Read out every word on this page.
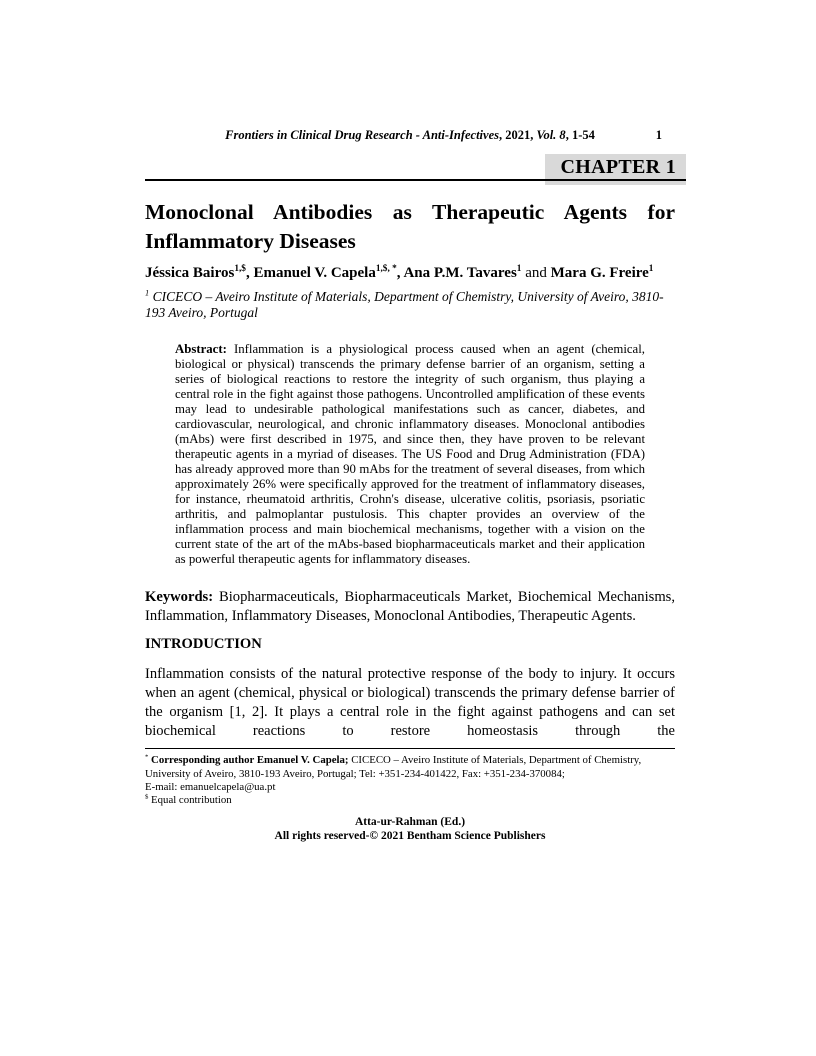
Frontiers in Clinical Drug Research - Anti-Infectives, 2021, Vol. 8, 1-54	1
CHAPTER 1
Monoclonal Antibodies as Therapeutic Agents for Inflammatory Diseases
Jéssica Bairos$^{1,\$}$, Emanuel V. Capela$^{1,\$, *}$, Ana P.M. Tavares$^1$ and Mara G. Freire$^1$
$^1$ CICECO – Aveiro Institute of Materials, Department of Chemistry, University of Aveiro, 3810-193 Aveiro, Portugal
Abstract: Inflammation is a physiological process caused when an agent (chemical, biological or physical) transcends the primary defense barrier of an organism, setting a series of biological reactions to restore the integrity of such organism, thus playing a central role in the fight against those pathogens. Uncontrolled amplification of these events may lead to undesirable pathological manifestations such as cancer, diabetes, and cardiovascular, neurological, and chronic inflammatory diseases. Monoclonal antibodies (mAbs) were first described in 1975, and since then, they have proven to be relevant therapeutic agents in a myriad of diseases. The US Food and Drug Administration (FDA) has already approved more than 90 mAbs for the treatment of several diseases, from which approximately 26% were specifically approved for the treatment of inflammatory diseases, for instance, rheumatoid arthritis, Crohn's disease, ulcerative colitis, psoriasis, psoriatic arthritis, and palmoplantar pustulosis. This chapter provides an overview of the inflammation process and main biochemical mechanisms, together with a vision on the current state of the art of the mAbs-based biopharmaceuticals market and their application as powerful therapeutic agents for inflammatory diseases.
Keywords: Biopharmaceuticals, Biopharmaceuticals Market, Biochemical Mechanisms, Inflammation, Inflammatory Diseases, Monoclonal Antibodies, Therapeutic Agents.
INTRODUCTION

Inflammation consists of the natural protective response of the body to injury. It occurs when an agent (chemical, physical or biological) transcends the primary defense barrier of the organism [1, 2]. It plays a central role in the fight against pathogens and can set biochemical reactions to restore homeostasis through the

* Corresponding author Emanuel V. Capela; CICECO – Aveiro Institute of Materials, Department of Chemistry, University of Aveiro, 3810-193 Aveiro, Portugal; Tel: +351-234-401422, Fax: +351-234-370084;
E-mail: emanuelcapela@ua.pt
$ Equal contribution
Atta-ur-Rahman (Ed.)
All rights reserved-© 2021 Bentham Science Publishers
